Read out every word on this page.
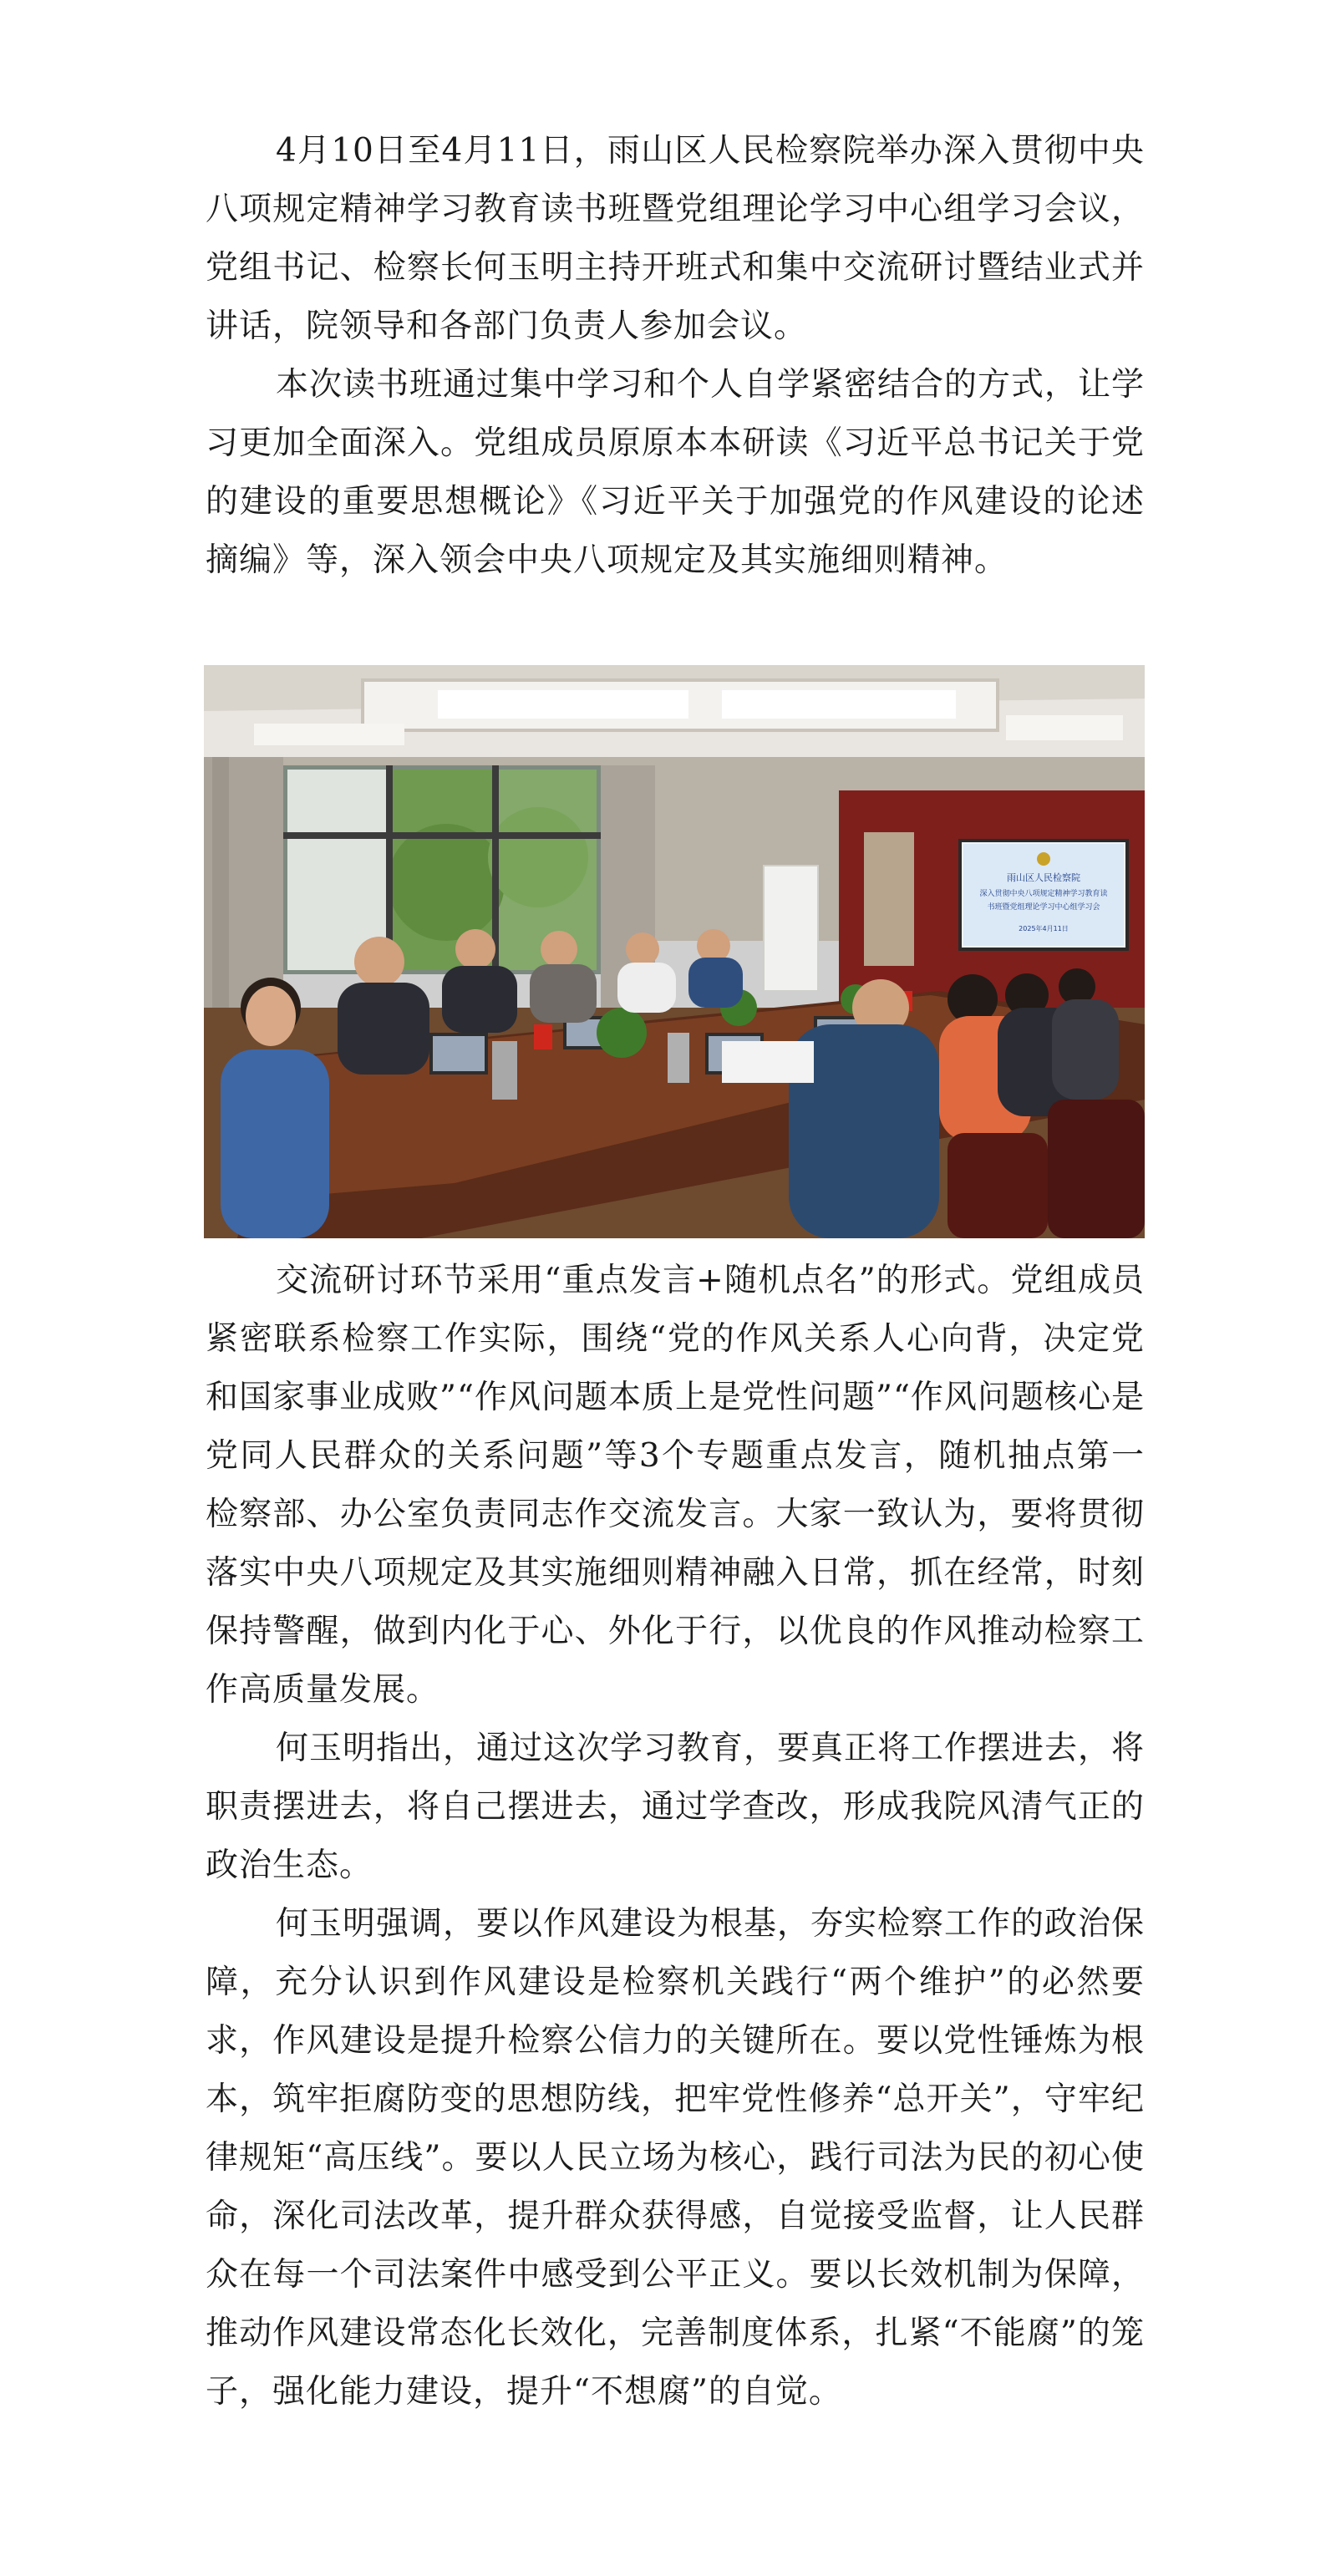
4月10日至4月11日，雨山区人民检察院举办深入贯彻中央八项规定精神学习教育读书班暨党组理论学习中心组学习会议，党组书记、检察长何玉明主持开班式和集中交流研讨暨结业式并讲话，院领导和各部门负责人参加会议。

本次读书班通过集中学习和个人自学紧密结合的方式，让学习更加全面深入。党组成员原原本本研读《习近平总书记关于党的建设的重要思想概论》《习近平关于加强党的作风建设的论述摘编》等，深入领会中央八项规定及其实施细则精神。

雨山区人民检察院
深入贯彻中央八项规定精神学习教育读
书班暨党组理论学习中心组学习会
2025年4月11日

交流研讨环节采用“重点发言+随机点名”的形式。党组成员紧密联系检察工作实际，围绕“党的作风关系人心向背，决定党和国家事业成败”“作风问题本质上是党性问题”“作风问题核心是党同人民群众的关系问题”等3个专题重点发言，随机抽点第一检察部、办公室负责同志作交流发言。大家一致认为，要将贯彻落实中央八项规定及其实施细则精神融入日常，抓在经常，时刻保持警醒，做到内化于心、外化于行，以优良的作风推动检察工作高质量发展。

何玉明指出，通过这次学习教育，要真正将工作摆进去，将职责摆进去，将自己摆进去，通过学查改，形成我院风清气正的政治生态。

何玉明强调，要以作风建设为根基，夯实检察工作的政治保障，充分认识到作风建设是检察机关践行“两个维护”的必然要求，作风建设是提升检察公信力的关键所在。要以党性锤炼为根本，筑牢拒腐防变的思想防线，把牢党性修养“总开关”，守牢纪律规矩“高压线”。要以人民立场为核心，践行司法为民的初心使命，深化司法改革，提升群众获得感，自觉接受监督，让人民群众在每一个司法案件中感受到公平正义。要以长效机制为保障，推动作风建设常态化长效化，完善制度体系，扎紧“不能腐”的笼子，强化能力建设，提升“不想腐”的自觉。
